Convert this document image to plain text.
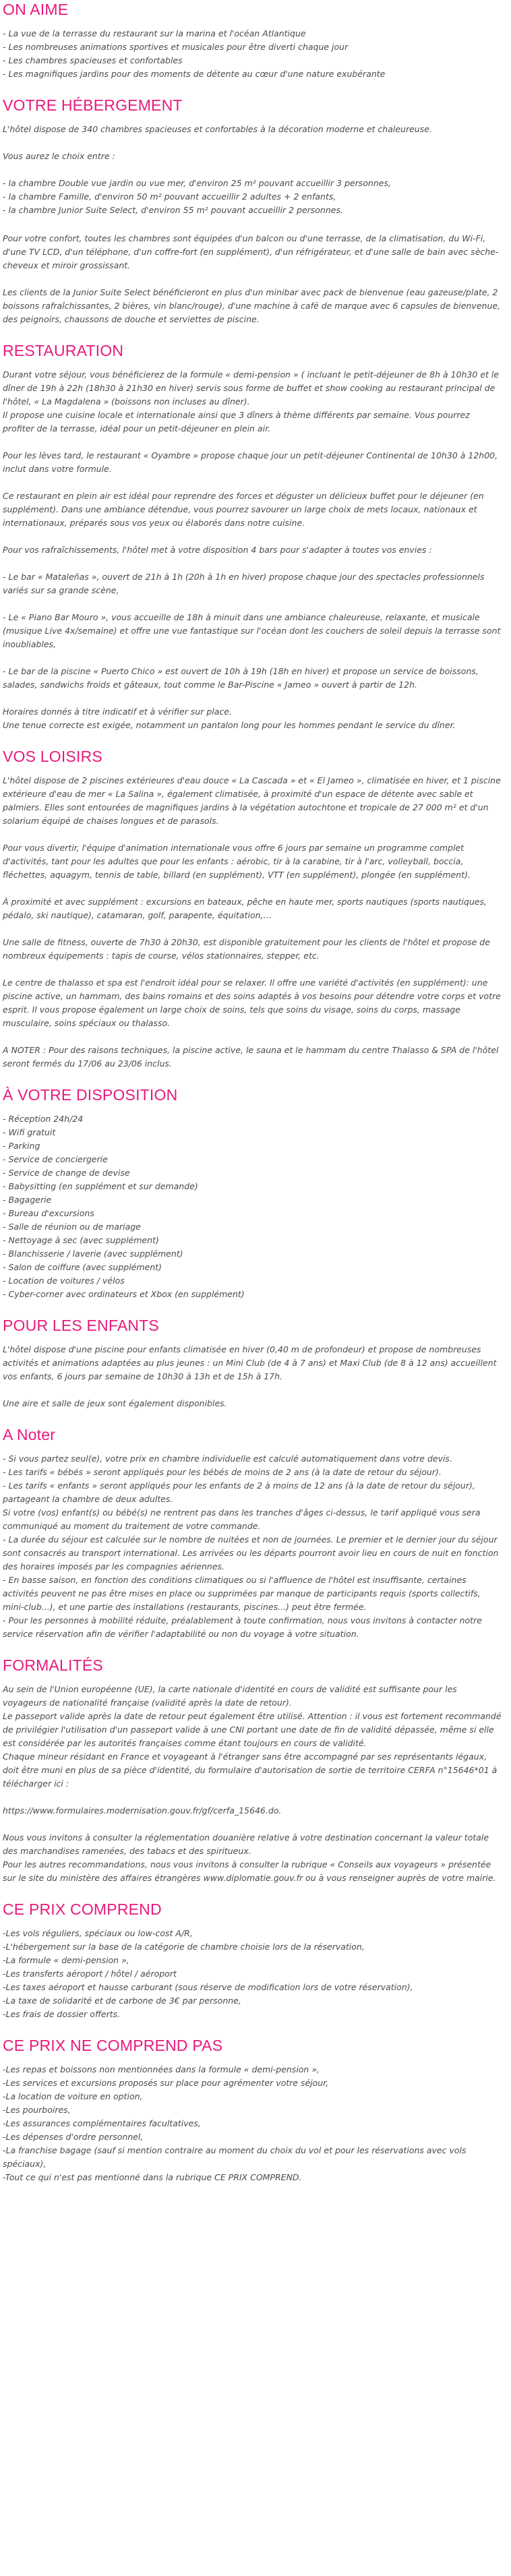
ON AIME

- La vue de la terrasse du restaurant sur la marina et l'océan Atlantique
- Les nombreuses animations sportives et musicales pour être diverti chaque jour
- Les chambres spacieuses et confortables
- Les magnifiques jardins pour des moments de détente au cœur d'une nature exubérante

VOTRE HÉBERGEMENT

L'hôtel dispose de 340 chambres spacieuses et confortables à la décoration moderne et chaleureuse.

Vous aurez le choix entre :

- la chambre Double vue jardin ou vue mer, d'environ 25 m² pouvant accueillir 3 personnes,
- la chambre Famille, d'environ 50 m² pouvant accueillir 2 adultes + 2 enfants,
- la chambre Junior Suite Select, d'environ 55 m² pouvant accueillir 2 personnes.

Pour votre confort, toutes les chambres sont équipées d'un balcon ou d'une terrasse, de la climatisation, du Wi-Fi, d'une TV LCD, d'un téléphone, d'un coffre-fort (en supplément), d'un réfrigérateur, et d'une salle de bain avec sèche-cheveux et miroir grossissant.

Les clients de la Junior Suite Select bénéficieront en plus d'un minibar avec pack de bienvenue (eau gazeuse/plate, 2 boissons rafraîchissantes, 2 bières, vin blanc/rouge), d'une machine à café de marque avec 6 capsules de bienvenue, des peignoirs, chaussons de douche et serviettes de piscine.

RESTAURATION

Durant votre séjour, vous bénéficierez de la formule « demi-pension » ( incluant le petit-déjeuner de 8h à 10h30 et le dîner de 19h à 22h (18h30 à 21h30 en hiver) servis sous forme de buffet et show cooking au restaurant principal de l'hôtel, « La Magdalena » (boissons non incluses au dîner).
Il propose une cuisine locale et internationale ainsi que 3 dîners à thème différents par semaine. Vous pourrez profiter de la terrasse, idéal pour un petit-déjeuner en plein air.

Pour les lèves tard, le restaurant « Oyambre » propose chaque jour un petit-déjeuner Continental de 10h30 à 12h00, inclut dans votre formule.

Ce restaurant en plein air est idéal pour reprendre des forces et déguster un délicieux buffet pour le déjeuner (en supplément). Dans une ambiance détendue, vous pourrez savourer un large choix de mets locaux, nationaux et internationaux, préparés sous vos yeux ou élaborés dans notre cuisine.

Pour vos rafraîchissements, l'hôtel met à votre disposition 4 bars pour s'adapter à toutes vos envies :

- Le bar « Mataleñas », ouvert de 21h à 1h (20h à 1h en hiver) propose chaque jour des spectacles professionnels variés sur sa grande scène,

- Le « Piano Bar Mouro », vous accueille de 18h à minuit dans une ambiance chaleureuse, relaxante, et musicale (musique Live 4x/semaine) et offre une vue fantastique sur l'océan dont les couchers de soleil depuis la terrasse sont inoubliables,

- Le bar de la piscine « Puerto Chico » est ouvert de 10h à 19h (18h en hiver) et propose un service de boissons, salades, sandwichs froids et gâteaux, tout comme le Bar-Piscine « Jameo » ouvert à partir de 12h.

Horaires donnés à titre indicatif et à vérifier sur place.
Une tenue correcte est exigée, notamment un pantalon long pour les hommes pendant le service du dîner.

VOS LOISIRS

L'hôtel dispose de 2 piscines extérieures d'eau douce « La Cascada » et « El Jameo », climatisée en hiver, et 1 piscine extérieure d'eau de mer « La Salina », également climatisée, à proximité d'un espace de détente avec sable et palmiers. Elles sont entourées de magnifiques jardins à la végétation autochtone et tropicale de 27 000 m² et d'un solarium équipé de chaises longues et de parasols.

Pour vous divertir, l'équipe d'animation internationale vous offre 6 jours par semaine un programme complet d'activités, tant pour les adultes que pour les enfants : aérobic, tir à la carabine, tir à l'arc, volleyball, boccia, fléchettes, aquagym, tennis de table, billard (en supplément), VTT (en supplément), plongée (en supplément).

À proximité et avec supplément : excursions en bateaux, pêche en haute mer, sports nautiques (sports nautiques, pédalo, ski nautique), catamaran, golf, parapente, équitation,…

Une salle de fitness, ouverte de 7h30 à 20h30, est disponible gratuitement pour les clients de l'hôtel et propose de nombreux équipements : tapis de course, vélos stationnaires, stepper, etc.

Le centre de thalasso et spa est l'endroit idéal pour se relaxer. Il offre une variété d'activités (en supplément): une piscine active, un hammam, des bains romains et des soins adaptés à vos besoins pour détendre votre corps et votre esprit. Il vous propose également un large choix de soins, tels que soins du visage, soins du corps, massage musculaire, soins spéciaux ou thalasso.

A NOTER : Pour des raisons techniques, la piscine active, le sauna et le hammam du centre Thalasso & SPA de l'hôtel seront fermés du 17/06 au 23/06 inclus.

À VOTRE DISPOSITION

- Réception 24h/24
- Wifi gratuit
- Parking
- Service de conciergerie
- Service de change de devise
- Babysitting (en supplément et sur demande)
- Bagagerie
- Bureau d'excursions
- Salle de réunion ou de mariage
- Nettoyage à sec (avec supplément)
- Blanchisserie / laverie (avec supplément)
- Salon de coiffure (avec supplément)
- Location de voitures / vélos
- Cyber-corner avec ordinateurs et Xbox (en supplément)

POUR LES ENFANTS

L'hôtel dispose d'une piscine pour enfants climatisée en hiver (0,40 m de profondeur) et propose de nombreuses activités et animations adaptées au plus jeunes : un Mini Club (de 4 à 7 ans) et Maxi Club (de 8 à 12 ans) accueillent vos enfants, 6 jours par semaine de 10h30 à 13h et de 15h à 17h.

Une aire et salle de jeux sont également disponibles.

A Noter

- Si vous partez seul(e), votre prix en chambre individuelle est calculé automatiquement dans votre devis.
- Les tarifs « bébés » seront appliqués pour les bébés de moins de 2 ans (à la date de retour du séjour).
- Les tarifs « enfants » seront appliqués pour les enfants de 2 à moins de 12 ans (à la date de retour du séjour), partageant la chambre de deux adultes.
Si votre (vos) enfant(s) ou bébé(s) ne rentrent pas dans les tranches d'âges ci-dessus, le tarif appliqué vous sera communiqué au moment du traitement de votre commande.
- La durée du séjour est calculée sur le nombre de nuitées et non de journées. Le premier et le dernier jour du séjour sont consacrés au transport international. Les arrivées ou les départs pourront avoir lieu en cours de nuit en fonction des horaires imposés par les compagnies aériennes.
- En basse saison, en fonction des conditions climatiques ou si l'affluence de l'hôtel est insuffisante, certaines activités peuvent ne pas être mises en place ou supprimées par manque de participants requis (sports collectifs, mini-club...), et une partie des installations (restaurants, piscines...) peut être fermée.
- Pour les personnes à mobilité réduite, préalablement à toute confirmation, nous vous invitons à contacter notre service réservation afin de vérifier l'adaptabilité ou non du voyage à votre situation.

FORMALITÉS

Au sein de l'Union européenne (UE), la carte nationale d'identité en cours de validité est suffisante pour les voyageurs de nationalité française (validité après la date de retour).
Le passeport valide après la date de retour peut également être utilisé. Attention : il vous est fortement recommandé de privilégier l'utilisation d'un passeport valide à une CNI portant une date de fin de validité dépassée, même si elle est considérée par les autorités françaises comme étant toujours en cours de validité.
Chaque mineur résidant en France et voyageant à l'étranger sans être accompagné par ses représentants légaux, doit être muni en plus de sa pièce d'identité, du formulaire d'autorisation de sortie de territoire CERFA n°15646*01 à télécharger ici :

https://www.formulaires.modernisation.gouv.fr/gf/cerfa_15646.do.

Nous vous invitons à consulter la réglementation douanière relative à votre destination concernant la valeur totale des marchandises ramenées, des tabacs et des spiritueux.
Pour les autres recommandations, nous vous invitons à consulter la rubrique « Conseils aux voyageurs » présentée sur le site du ministère des affaires étrangères www.diplomatie.gouv.fr ou à vous renseigner auprès de votre mairie.

CE PRIX COMPREND

-Les vols réguliers, spéciaux ou low-cost A/R,
-L'hébergement sur la base de la catégorie de chambre choisie lors de la réservation,
-La formule « demi-pension »,
-Les transferts aéroport / hôtel / aéroport
-Les taxes aéroport et hausse carburant (sous réserve de modification lors de votre réservation),
-La taxe de solidarité et de carbone de 3€ par personne,
-Les frais de dossier offerts.

CE PRIX NE COMPREND PAS

-Les repas et boissons non mentionnées dans la formule « demi-pension »,
-Les services et excursions proposés sur place pour agrémenter votre séjour,
-La location de voiture en option,
-Les pourboires,
-Les assurances complémentaires facultatives,
-Les dépenses d'ordre personnel,
-La franchise bagage (sauf si mention contraire au moment du choix du vol et pour les réservations avec vols spéciaux),
-Tout ce qui n'est pas mentionné dans la rubrique CE PRIX COMPREND.
